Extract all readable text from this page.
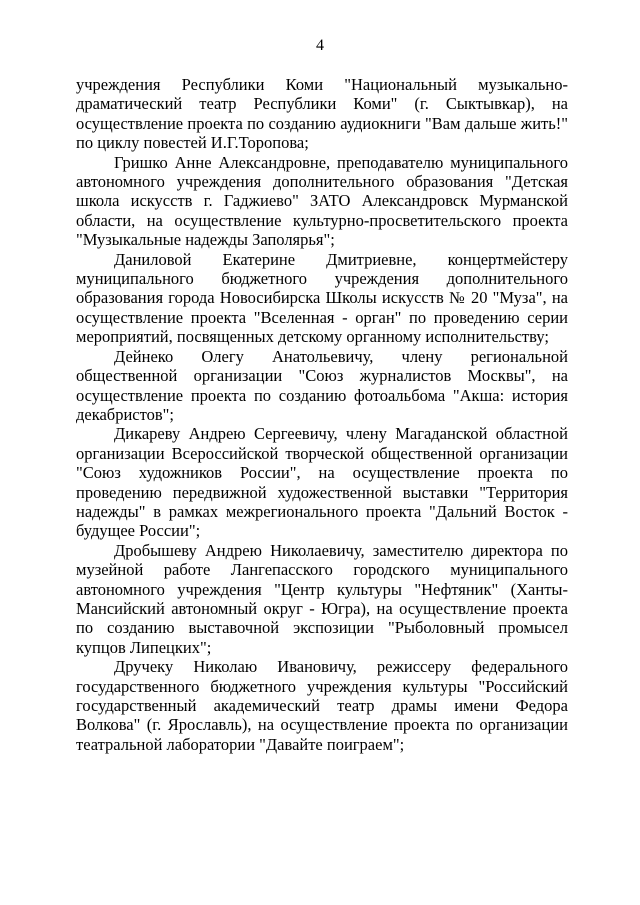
4

учреждения Республики Коми "Национальный музыкально-драматический театр Республики Коми" (г. Сыктывкар), на осуществление проекта по созданию аудиокниги "Вам дальше жить!" по циклу повестей И.Г.Торопова;

Гришко Анне Александровне, преподавателю муниципального автономного учреждения дополнительного образования "Детская школа искусств г. Гаджиево" ЗАТО Александровск Мурманской области, на осуществление культурно-просветительского проекта "Музыкальные надежды Заполярья";

Даниловой Екатерине Дмитриевне, концертмейстеру муниципального бюджетного учреждения дополнительного образования города Новосибирска Школы искусств № 20 "Муза", на осуществление проекта "Вселенная - орган" по проведению серии мероприятий, посвященных детскому органному исполнительству;

Дейнеко Олегу Анатольевичу, члену региональной общественной организации "Союз журналистов Москвы", на осуществление проекта по созданию фотоальбома "Акша: история декабристов";

Дикареву Андрею Сергеевичу, члену Магаданской областной организации Всероссийской творческой общественной организации "Союз художников России", на осуществление проекта по проведению передвижной художественной выставки "Территория надежды" в рамках межрегионального проекта "Дальний Восток - будущее России";

Дробышеву Андрею Николаевичу, заместителю директора по музейной работе Лангепасского городского муниципального автономного учреждения "Центр культуры "Нефтяник" (Ханты-Мансийский автономный округ - Югра), на осуществление проекта по созданию выставочной экспозиции "Рыболовный промысел купцов Липецких";

Дручеку Николаю Ивановичу, режиссеру федерального государственного бюджетного учреждения культуры "Российский государственный академический театр драмы имени Федора Волкова" (г. Ярославль), на осуществление проекта по организации театральной лаборатории "Давайте поиграем";
